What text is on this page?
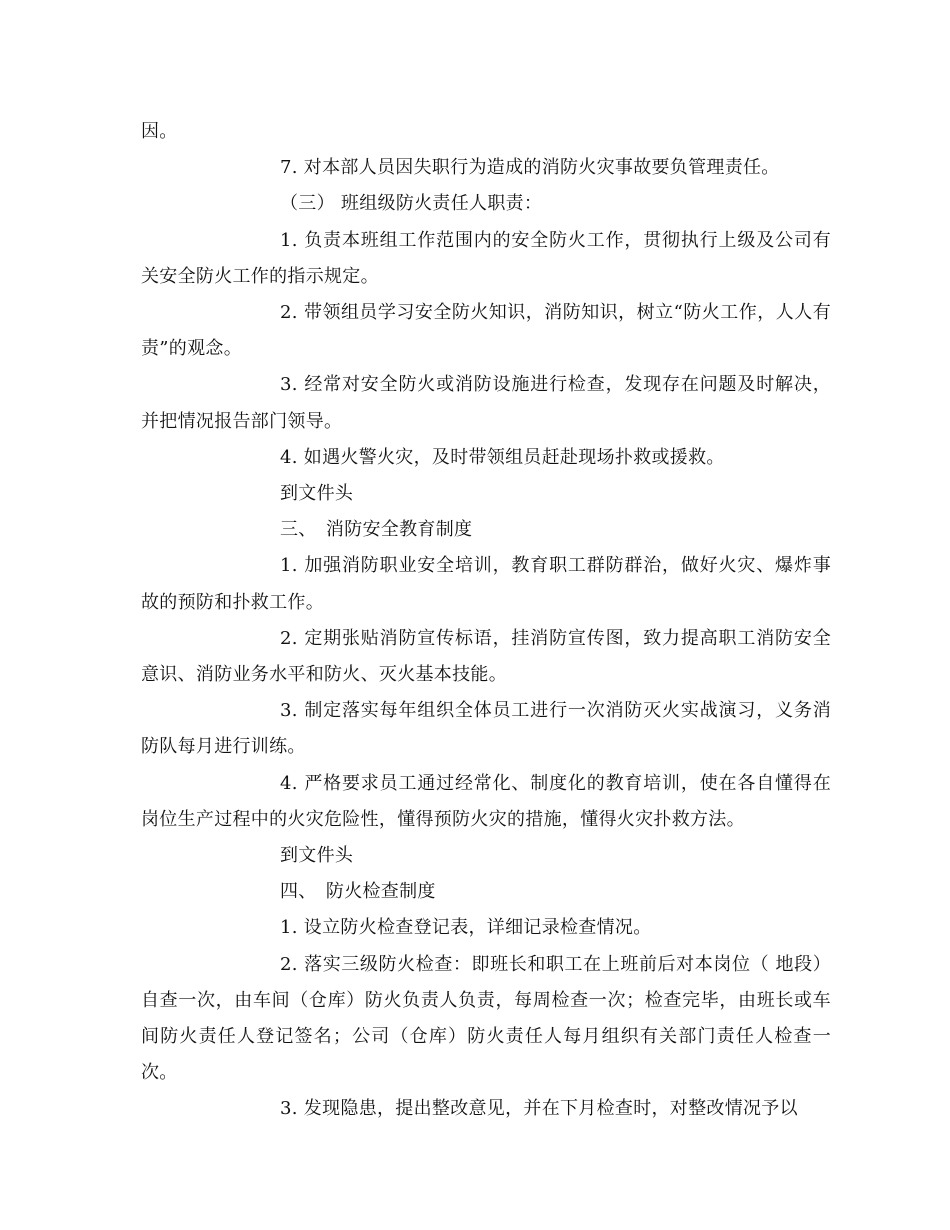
因。

7. 对本部人员因失职行为造成的消防火灾事故要负管理责任。

（三） 班组级防火责任人职责：

1. 负责本班组工作范围内的安全防火工作，贯彻执行上级及公司有关安全防火工作的指示规定。

2. 带领组员学习安全防火知识，消防知识，树立“防火工作，人人有责”的观念。

3. 经常对安全防火或消防设施进行检查，发现存在问题及时解决，并把情况报告部门领导。

4. 如遇火警火灾，及时带领组员赶赴现场扑救或援救。

到文件头

三、　消防安全教育制度

1. 加强消防职业安全培训，教育职工群防群治，做好火灾、爆炸事故的预防和扑救工作。

2. 定期张贴消防宣传标语，挂消防宣传图，致力提高职工消防安全意识、消防业务水平和防火、灭火基本技能。

3. 制定落实每年组织全体员工进行一次消防灭火实战演习，义务消防队每月进行训练。

4. 严格要求员工通过经常化、制度化的教育培训，使在各自懂得在岗位生产过程中的火灾危险性，懂得预防火灾的措施，懂得火灾扑救方法。

到文件头

四、　防火检查制度

1. 设立防火检查登记表，详细记录检查情况。

2. 落实三级防火检查：即班长和职工在上班前后对本岗位（ 地段）自查一次，由车间（仓库）防火负责人负责，每周检查一次；检查完毕，由班长或车间防火责任人登记签名；公司（仓库）防火责任人每月组织有关部门责任人检查一次。

3. 发现隐患，提出整改意见，并在下月检查时，对整改情况予以
